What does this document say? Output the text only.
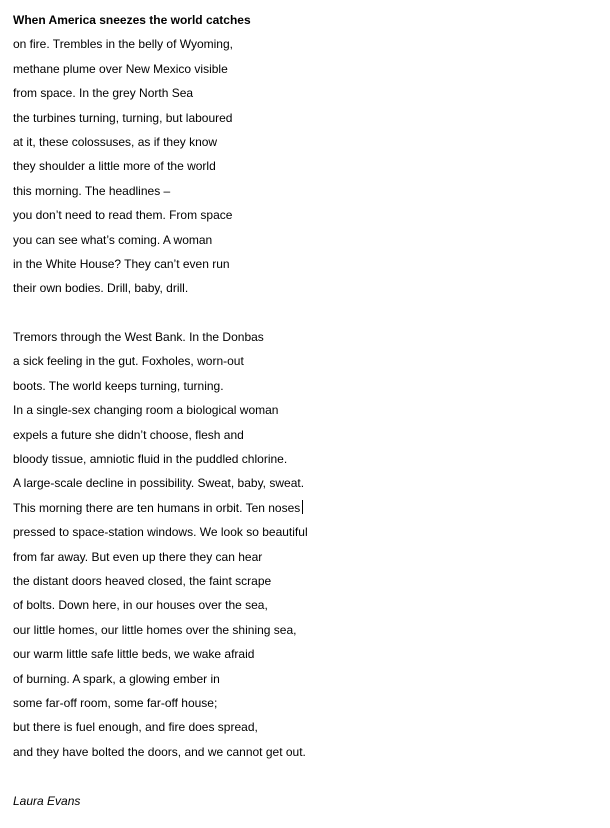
When America sneezes the world catches
on fire. Trembles in the belly of Wyoming,
methane plume over New Mexico visible
from space. In the grey North Sea
the turbines turning, turning, but laboured
at it, these colossuses, as if they know
they shoulder a little more of the world
this morning. The headlines –
you don’t need to read them. From space
you can see what’s coming. A woman
in the White House? They can’t even run
their own bodies. Drill, baby, drill.
Tremors through the West Bank. In the Donbas
a sick feeling in the gut. Foxholes, worn-out
boots. The world keeps turning, turning.
In a single-sex changing room a biological woman
expels a future she didn’t choose, flesh and
bloody tissue, amniotic fluid in the puddled chlorine.
A large-scale decline in possibility. Sweat, baby, sweat.
This morning there are ten humans in orbit. Ten noses
pressed to space-station windows. We look so beautiful
from far away. But even up there they can hear
the distant doors heaved closed, the faint scrape
of bolts. Down here, in our houses over the sea,
our little homes, our little homes over the shining sea,
our warm little safe little beds, we wake afraid
of burning. A spark, a glowing ember in
some far-off room, some far-off house;
but there is fuel enough, and fire does spread,
and they have bolted the doors, and we cannot get out.
Laura Evans
